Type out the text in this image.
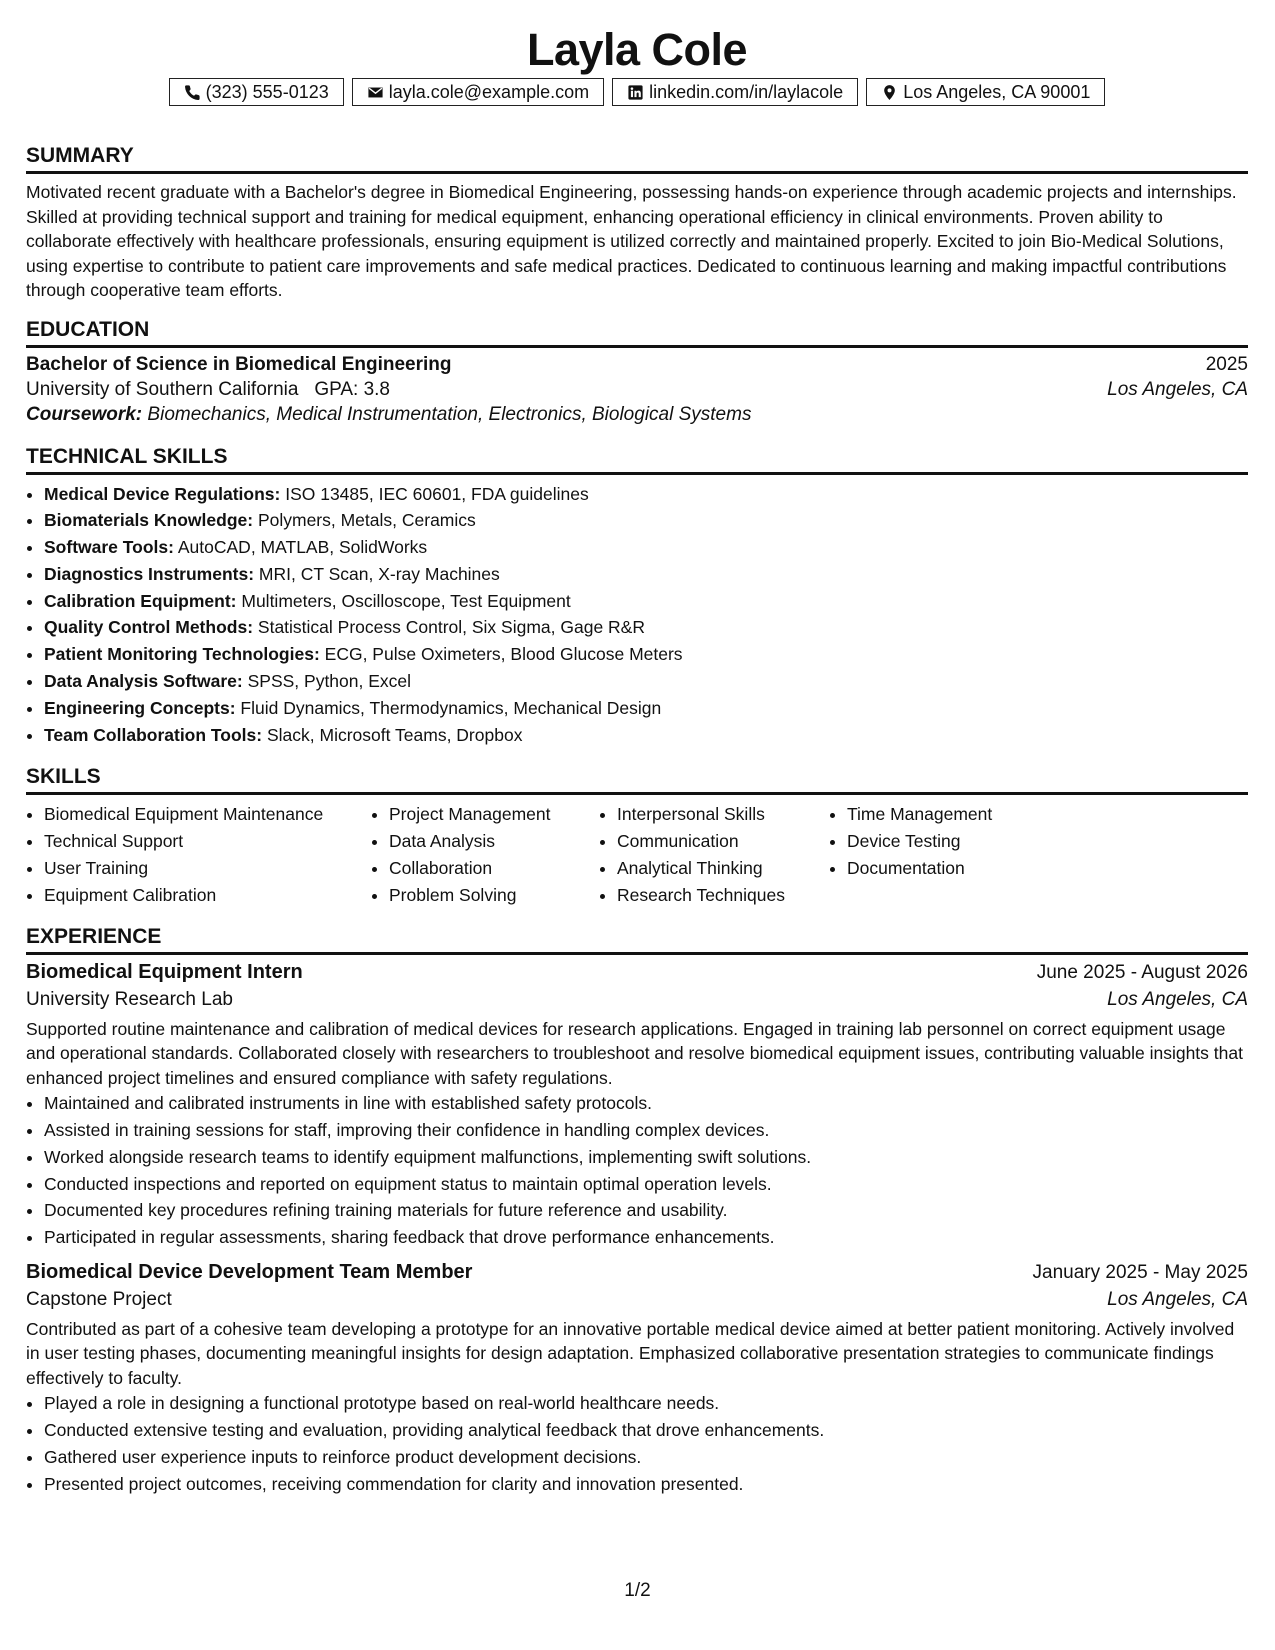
Layla Cole
(323) 555-0123	layla.cole@example.com	linkedin.com/in/laylacole	Los Angeles, CA 90001
SUMMARY

Motivated recent graduate with a Bachelor's degree in Biomedical Engineering, possessing hands-on experience through academic projects and internships. Skilled at providing technical support and training for medical equipment, enhancing operational efficiency in clinical environments. Proven ability to collaborate effectively with healthcare professionals, ensuring equipment is utilized correctly and maintained properly. Excited to join Bio-Medical Solutions, using expertise to contribute to patient care improvements and safe medical practices. Dedicated to continuous learning and making impactful contributions through cooperative team efforts.

EDUCATION
Bachelor of Science in Biomedical Engineering	2025
University of Southern California GPA: 3.8	Los Angeles, CA
Coursework: Biomechanics, Medical Instrumentation, Electronics, Biological Systems
TECHNICAL SKILLS
• Medical Device Regulations: ISO 13485, IEC 60601, FDA guidelines
• Biomaterials Knowledge: Polymers, Metals, Ceramics
• Software Tools: AutoCAD, MATLAB, SolidWorks
• Diagnostics Instruments: MRI, CT Scan, X-ray Machines
• Calibration Equipment: Multimeters, Oscilloscope, Test Equipment
• Quality Control Methods: Statistical Process Control, Six Sigma, Gage R&R
• Patient Monitoring Technologies: ECG, Pulse Oximeters, Blood Glucose Meters
• Data Analysis Software: SPSS, Python, Excel
• Engineering Concepts: Fluid Dynamics, Thermodynamics, Mechanical Design
• Team Collaboration Tools: Slack, Microsoft Teams, Dropbox
SKILLS
• Biomedical Equipment Maintenance
• Technical Support
• User Training
• Equipment Calibration
• Project Management
• Data Analysis
• Collaboration
• Problem Solving
• Interpersonal Skills
• Communication
• Analytical Thinking
• Research Techniques
• Time Management
• Device Testing
• Documentation
EXPERIENCE
Biomedical Equipment Intern	June 2025 - August 2026
University Research Lab	Los Angeles, CA

Supported routine maintenance and calibration of medical devices for research applications. Engaged in training lab personnel on correct equipment usage and operational standards. Collaborated closely with researchers to troubleshoot and resolve biomedical equipment issues, contributing valuable insights that enhanced project timelines and ensured compliance with safety regulations.

• Maintained and calibrated instruments in line with established safety protocols.
• Assisted in training sessions for staff, improving their confidence in handling complex devices.
• Worked alongside research teams to identify equipment malfunctions, implementing swift solutions.
• Conducted inspections and reported on equipment status to maintain optimal operation levels.
• Documented key procedures refining training materials for future reference and usability.
• Participated in regular assessments, sharing feedback that drove performance enhancements.
Biomedical Device Development Team Member	January 2025 - May 2025
Capstone Project	Los Angeles, CA

Contributed as part of a cohesive team developing a prototype for an innovative portable medical device aimed at better patient monitoring. Actively involved in user testing phases, documenting meaningful insights for design adaptation. Emphasized collaborative presentation strategies to communicate findings effectively to faculty.

• Played a role in designing a functional prototype based on real-world healthcare needs.
• Conducted extensive testing and evaluation, providing analytical feedback that drove enhancements.
• Gathered user experience inputs to reinforce product development decisions.
• Presented project outcomes, receiving commendation for clarity and innovation presented.
1/2
